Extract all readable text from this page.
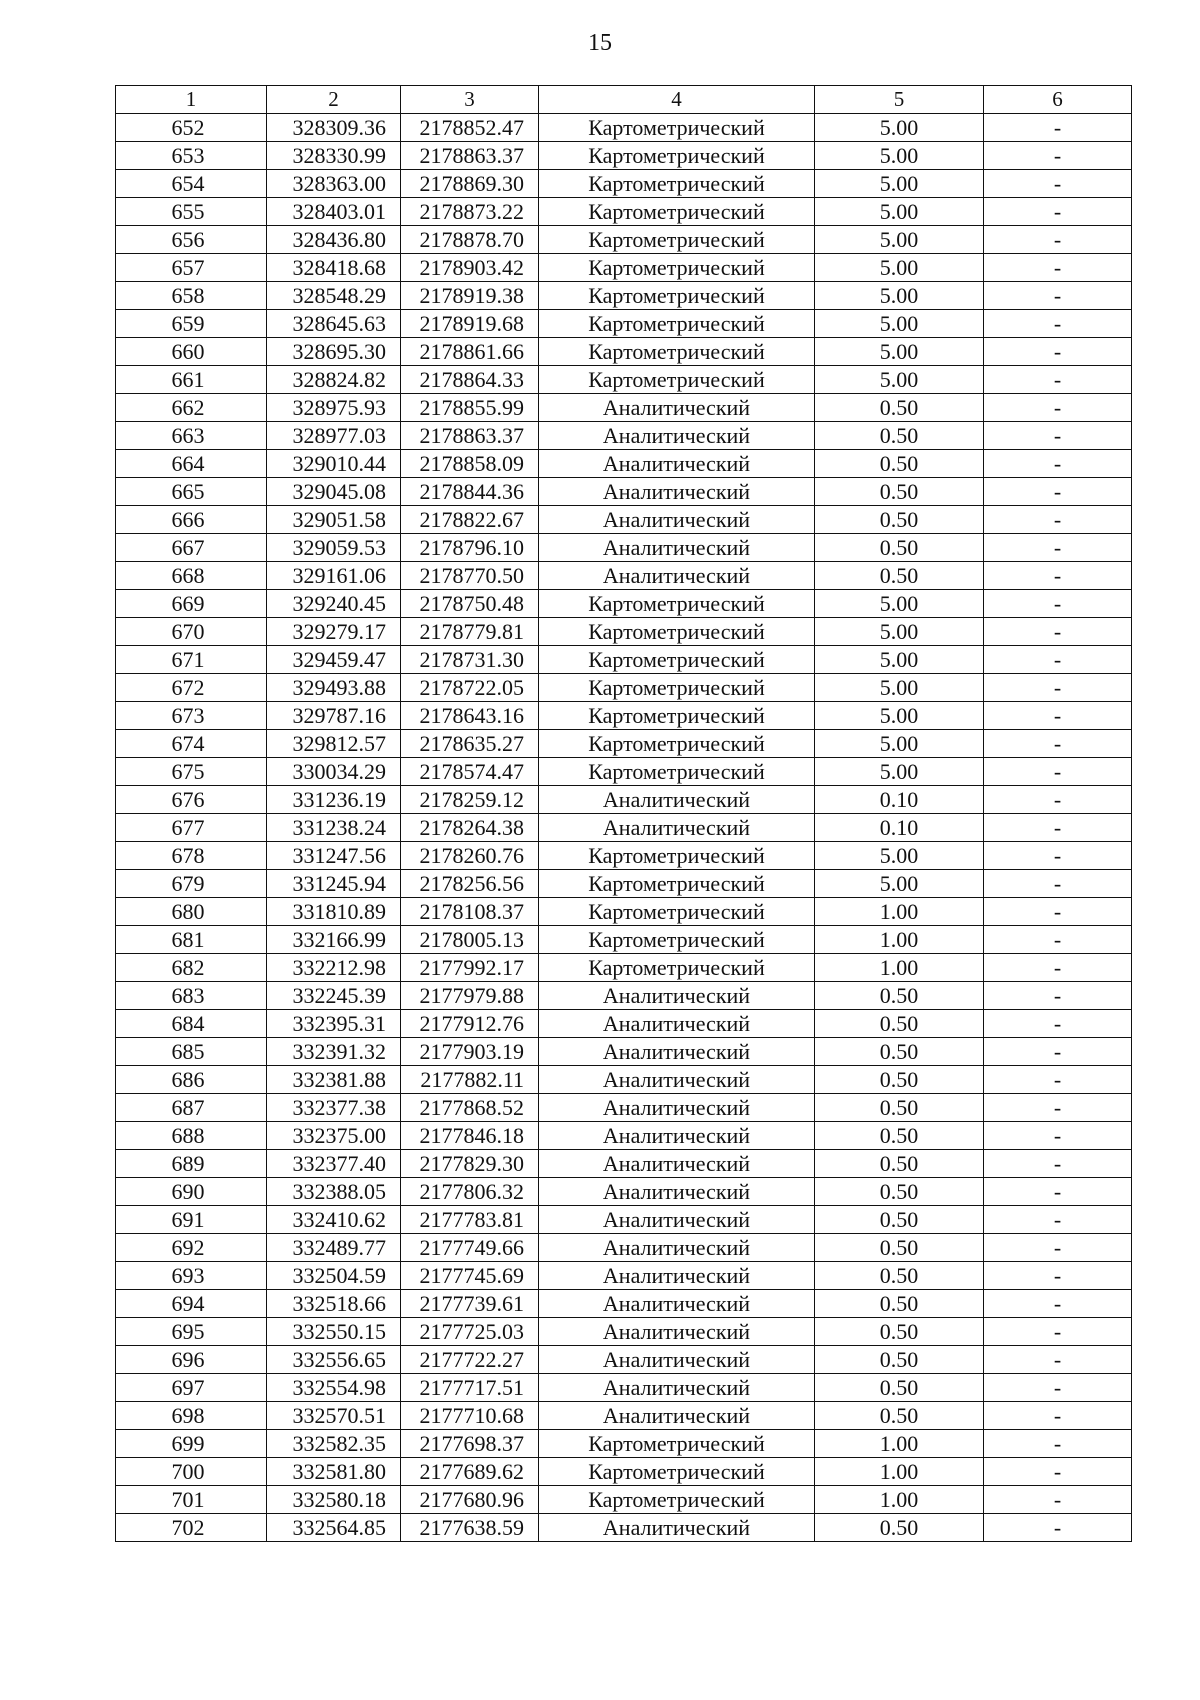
15
1	2	3	4	5	6
652	328309.36	2178852.47	Картометрический	5.00	-
653	328330.99	2178863.37	Картометрический	5.00	-
654	328363.00	2178869.30	Картометрический	5.00	-
655	328403.01	2178873.22	Картометрический	5.00	-
656	328436.80	2178878.70	Картометрический	5.00	-
657	328418.68	2178903.42	Картометрический	5.00	-
658	328548.29	2178919.38	Картометрический	5.00	-
659	328645.63	2178919.68	Картометрический	5.00	-
660	328695.30	2178861.66	Картометрический	5.00	-
661	328824.82	2178864.33	Картометрический	5.00	-
662	328975.93	2178855.99	Аналитический	0.50	-
663	328977.03	2178863.37	Аналитический	0.50	-
664	329010.44	2178858.09	Аналитический	0.50	-
665	329045.08	2178844.36	Аналитический	0.50	-
666	329051.58	2178822.67	Аналитический	0.50	-
667	329059.53	2178796.10	Аналитический	0.50	-
668	329161.06	2178770.50	Аналитический	0.50	-
669	329240.45	2178750.48	Картометрический	5.00	-
670	329279.17	2178779.81	Картометрический	5.00	-
671	329459.47	2178731.30	Картометрический	5.00	-
672	329493.88	2178722.05	Картометрический	5.00	-
673	329787.16	2178643.16	Картометрический	5.00	-
674	329812.57	2178635.27	Картометрический	5.00	-
675	330034.29	2178574.47	Картометрический	5.00	-
676	331236.19	2178259.12	Аналитический	0.10	-
677	331238.24	2178264.38	Аналитический	0.10	-
678	331247.56	2178260.76	Картометрический	5.00	-
679	331245.94	2178256.56	Картометрический	5.00	-
680	331810.89	2178108.37	Картометрический	1.00	-
681	332166.99	2178005.13	Картометрический	1.00	-
682	332212.98	2177992.17	Картометрический	1.00	-
683	332245.39	2177979.88	Аналитический	0.50	-
684	332395.31	2177912.76	Аналитический	0.50	-
685	332391.32	2177903.19	Аналитический	0.50	-
686	332381.88	2177882.11	Аналитический	0.50	-
687	332377.38	2177868.52	Аналитический	0.50	-
688	332375.00	2177846.18	Аналитический	0.50	-
689	332377.40	2177829.30	Аналитический	0.50	-
690	332388.05	2177806.32	Аналитический	0.50	-
691	332410.62	2177783.81	Аналитический	0.50	-
692	332489.77	2177749.66	Аналитический	0.50	-
693	332504.59	2177745.69	Аналитический	0.50	-
694	332518.66	2177739.61	Аналитический	0.50	-
695	332550.15	2177725.03	Аналитический	0.50	-
696	332556.65	2177722.27	Аналитический	0.50	-
697	332554.98	2177717.51	Аналитический	0.50	-
698	332570.51	2177710.68	Аналитический	0.50	-
699	332582.35	2177698.37	Картометрический	1.00	-
700	332581.80	2177689.62	Картометрический	1.00	-
701	332580.18	2177680.96	Картометрический	1.00	-
702	332564.85	2177638.59	Аналитический	0.50	-
